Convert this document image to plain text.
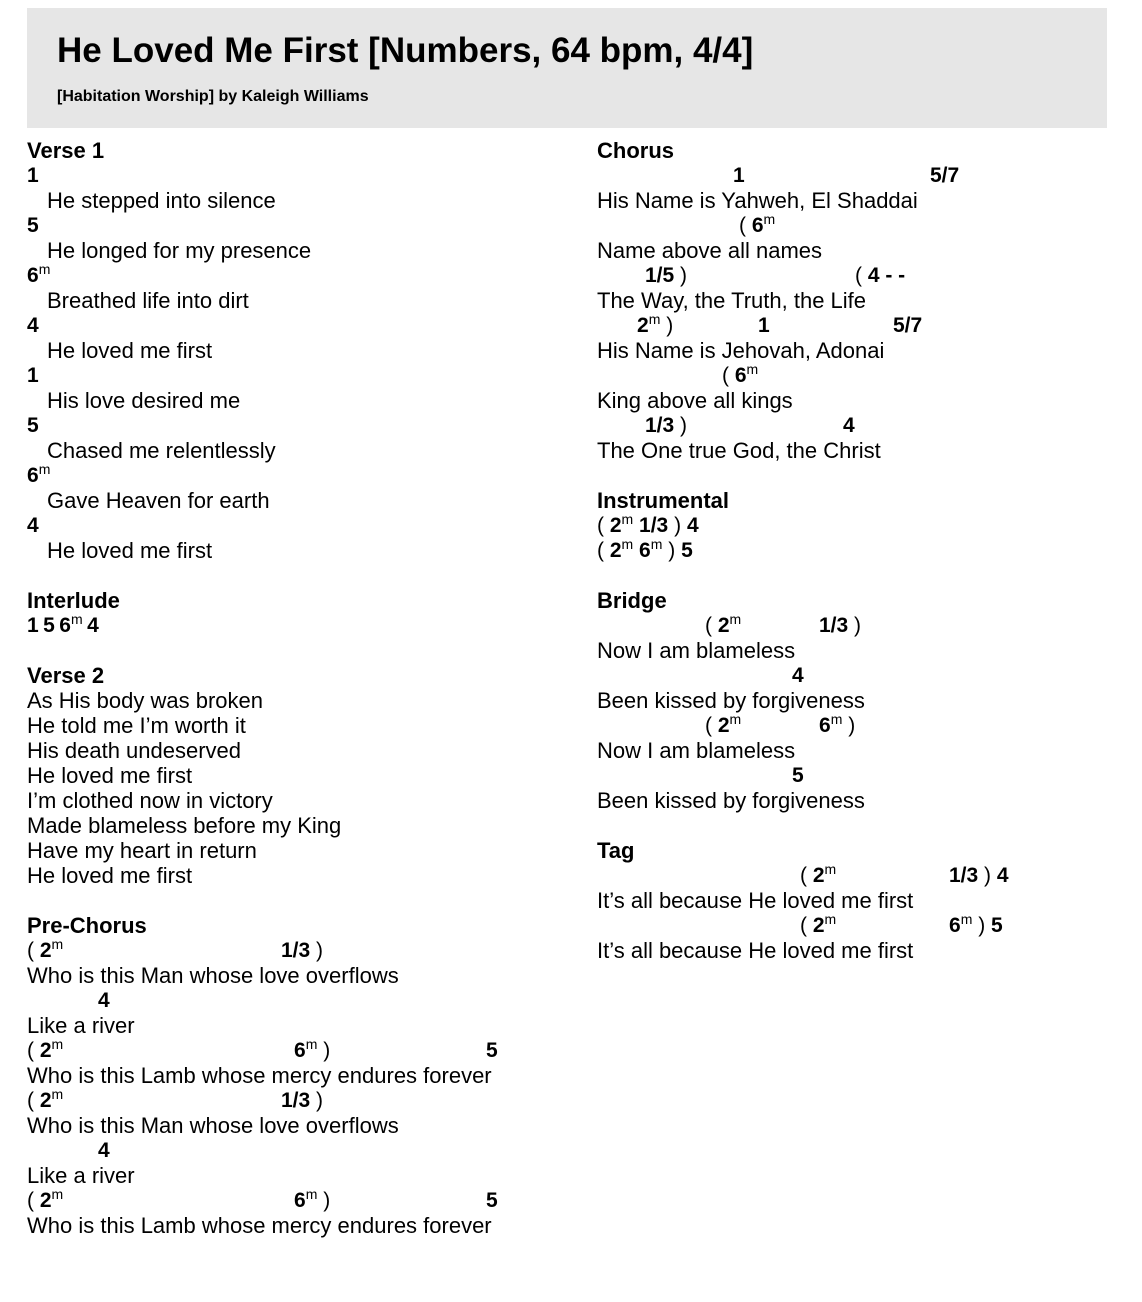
He Loved Me First [Numbers, 64 bpm, 4/4]
[Habitation Worship] by Kaleigh Williams
Verse 1
1
He stepped into silence
5
He longed for my presence
6$^m$
Breathed life into dirt
4
He loved me first
1
His love desired me
5
Chased me relentlessly
6$^m$
Gave Heaven for earth
4
He loved me first
Interlude
1 5 6$^m$ 4
Verse 2
As His body was broken
He told me I’m worth it
His death undeserved
He loved me first
I’m clothed now in victory
Made blameless before my King
Have my heart in return
He loved me first
Pre-Chorus
( 2$^m$	1/3 )
Who is this Man whose love overflows
4
Like a river
( 2$^m$	6$^m$ )	5
Who is this Lamb whose mercy endures forever
( 2$^m$	1/3 )
Who is this Man whose love overflows
4
Like a river
( 2$^m$	6$^m$ )	5
Who is this Lamb whose mercy endures forever
Chorus
1	5/7
His Name is Yahweh, El Shaddai
( 6$^m$
Name above all names
1/5 )	( 4 - -
The Way, the Truth, the Life
2$^m$ )	1	5/7
His Name is Jehovah, Adonai
( 6$^m$
King above all kings
1/3 )	4
The One true God, the Christ
Instrumental
( 2$^m$ 1/3 ) 4
( 2$^m$ 6$^m$ ) 5
Bridge
( 2$^m$	1/3 )
Now I am blameless
4
Been kissed by forgiveness
( 2$^m$	6$^m$ )
Now I am blameless
5
Been kissed by forgiveness
Tag
( 2$^m$	1/3 ) 4
It’s all because He loved me first
( 2$^m$	6$^m$ ) 5
It’s all because He loved me first
